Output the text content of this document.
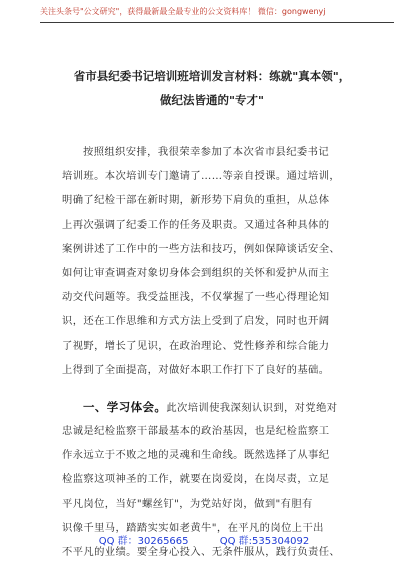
关注头条号"公文研究"，获得最新最全最专业的公文资料库！ 微信：gongwenyj
省市县纪委书记培训班培训发言材料：练就"真本领"，
做纪法皆通的"专才"
按照组织安排，我很荣幸参加了本次省市县纪委书记
培训班。本次培训专门邀请了……等亲自授课。通过培训，
明确了纪检干部在新时期，新形势下肩负的重担，从总体
上再次强调了纪委工作的任务及职责。又通过各种具体的
案例讲述了工作中的一些方法和技巧，例如保障谈话安全、
如何让审查调查对象切身体会到组织的关怀和爱护从而主
动交代问题等。我受益匪浅，不仅掌握了一些心得理论知
识，还在工作思维和方式方法上受到了启发，同时也开阔
了视野，增长了见识，在政治理论、党性修养和综合能力
上得到了全面提高，对做好本职工作打下了良好的基础。
一、学习体会。此次培训使我深刻认识到，对党绝对
忠诚是纪检监察干部最基本的政治基因，也是纪检监察工
作永远立于不败之地的灵魂和生命线。既然选择了从事纪
检监察这项神圣的工作，就要在岗爱岗，在岗尽责，立足
平凡岗位，当好"螺丝钉"，为党站好岗，做到"有胆有
识像千里马，踏踏实实如老黄牛"，在平凡的岗位上干出
不平凡的业绩。要全身心投入、无条件服从，践行负责任、
QQ 群：30265665	QQ 群:535304092
